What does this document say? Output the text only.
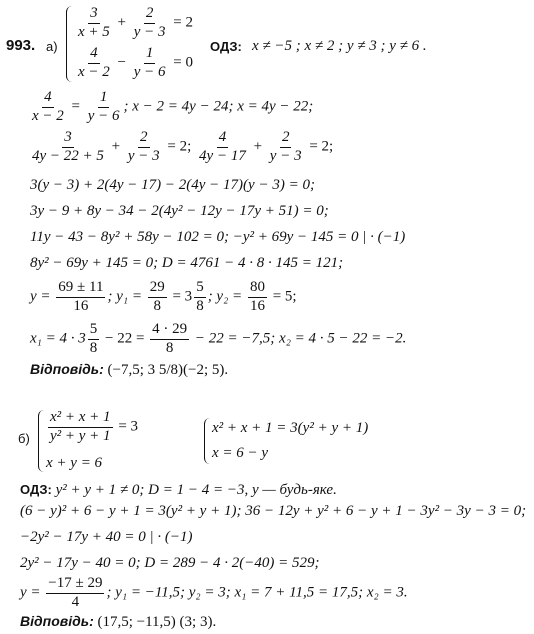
993. а)
$\frac{3}{x + 5} + \frac{2}{y - 3} = 2$
$\frac{4}{x - 2} - \frac{1}{y - 6} = 0$
ОДЗ: x ≠ −5 ; x ≠ 2 ; y ≠ 3 ; y ≠ 6 .
$\frac{4}{x - 2} = \frac{1}{y - 6}$ ; x − 2 = 4y − 24; x = 4y − 22;
$\frac{3}{4y - 22 + 5} + \frac{2}{y - 3} = 2$; $\frac{4}{4y - 17} + \frac{2}{y - 3} = 2$;
3(y − 3) + 2(4y − 17) − 2(4y − 17)(y − 3) = 0;
3y − 9 + 8y − 34 − 2(4y² − 12y − 17y + 51) = 0;
11y − 43 − 8y² + 58y − 102 = 0; −y² + 69y − 145 = 0 | · (−1)
8y² − 69y + 145 = 0; D = 4761 − 4 · 8 · 145 = 121;
$y = \frac{69 \pm 11}{16}$ ; $y_1 = \frac{29}{8} = 3 \frac{5}{8}$ ; $y_2 = \frac{80}{16} = 5$;
$x_1 = 4 \cdot 3 \frac{5}{8} - 22 = \frac{4 \cdot 29}{8} - 22 = -7,5$; x₂ = 4 · 5 − 22 = −2.
Відповідь: (−7,5; 3 5/8)(−2; 5).
$б) \frac{\text{x² + x + 1}}{\text{y² + y + 1}} = 3$
x + y = 6
x² + x + 1 = 3(y² + y + 1)
x = 6 − y
ОДЗ: y² + y + 1 ≠ 0; D = 1 − 4 = −3, y — будь-яке.
(6 − y)² + 6 − y + 1 = 3(y² + y + 1); 36 − 12y + y² + 6 − y + 1 − 3y² − 3y − 3 = 0;
−2y² − 17y + 40 = 0 | · (−1)
2y² − 17y − 40 = 0; D = 289 − 4 · 2(−40) = 529;
$y = \frac{-17 \pm 29}{4}$ ; y₁ = −11,5; y₂ = 3; x₁ = 7 + 11,5 = 17,5; x₂ = 3.
Відповідь: (17,5; −11,5) (3; 3).
